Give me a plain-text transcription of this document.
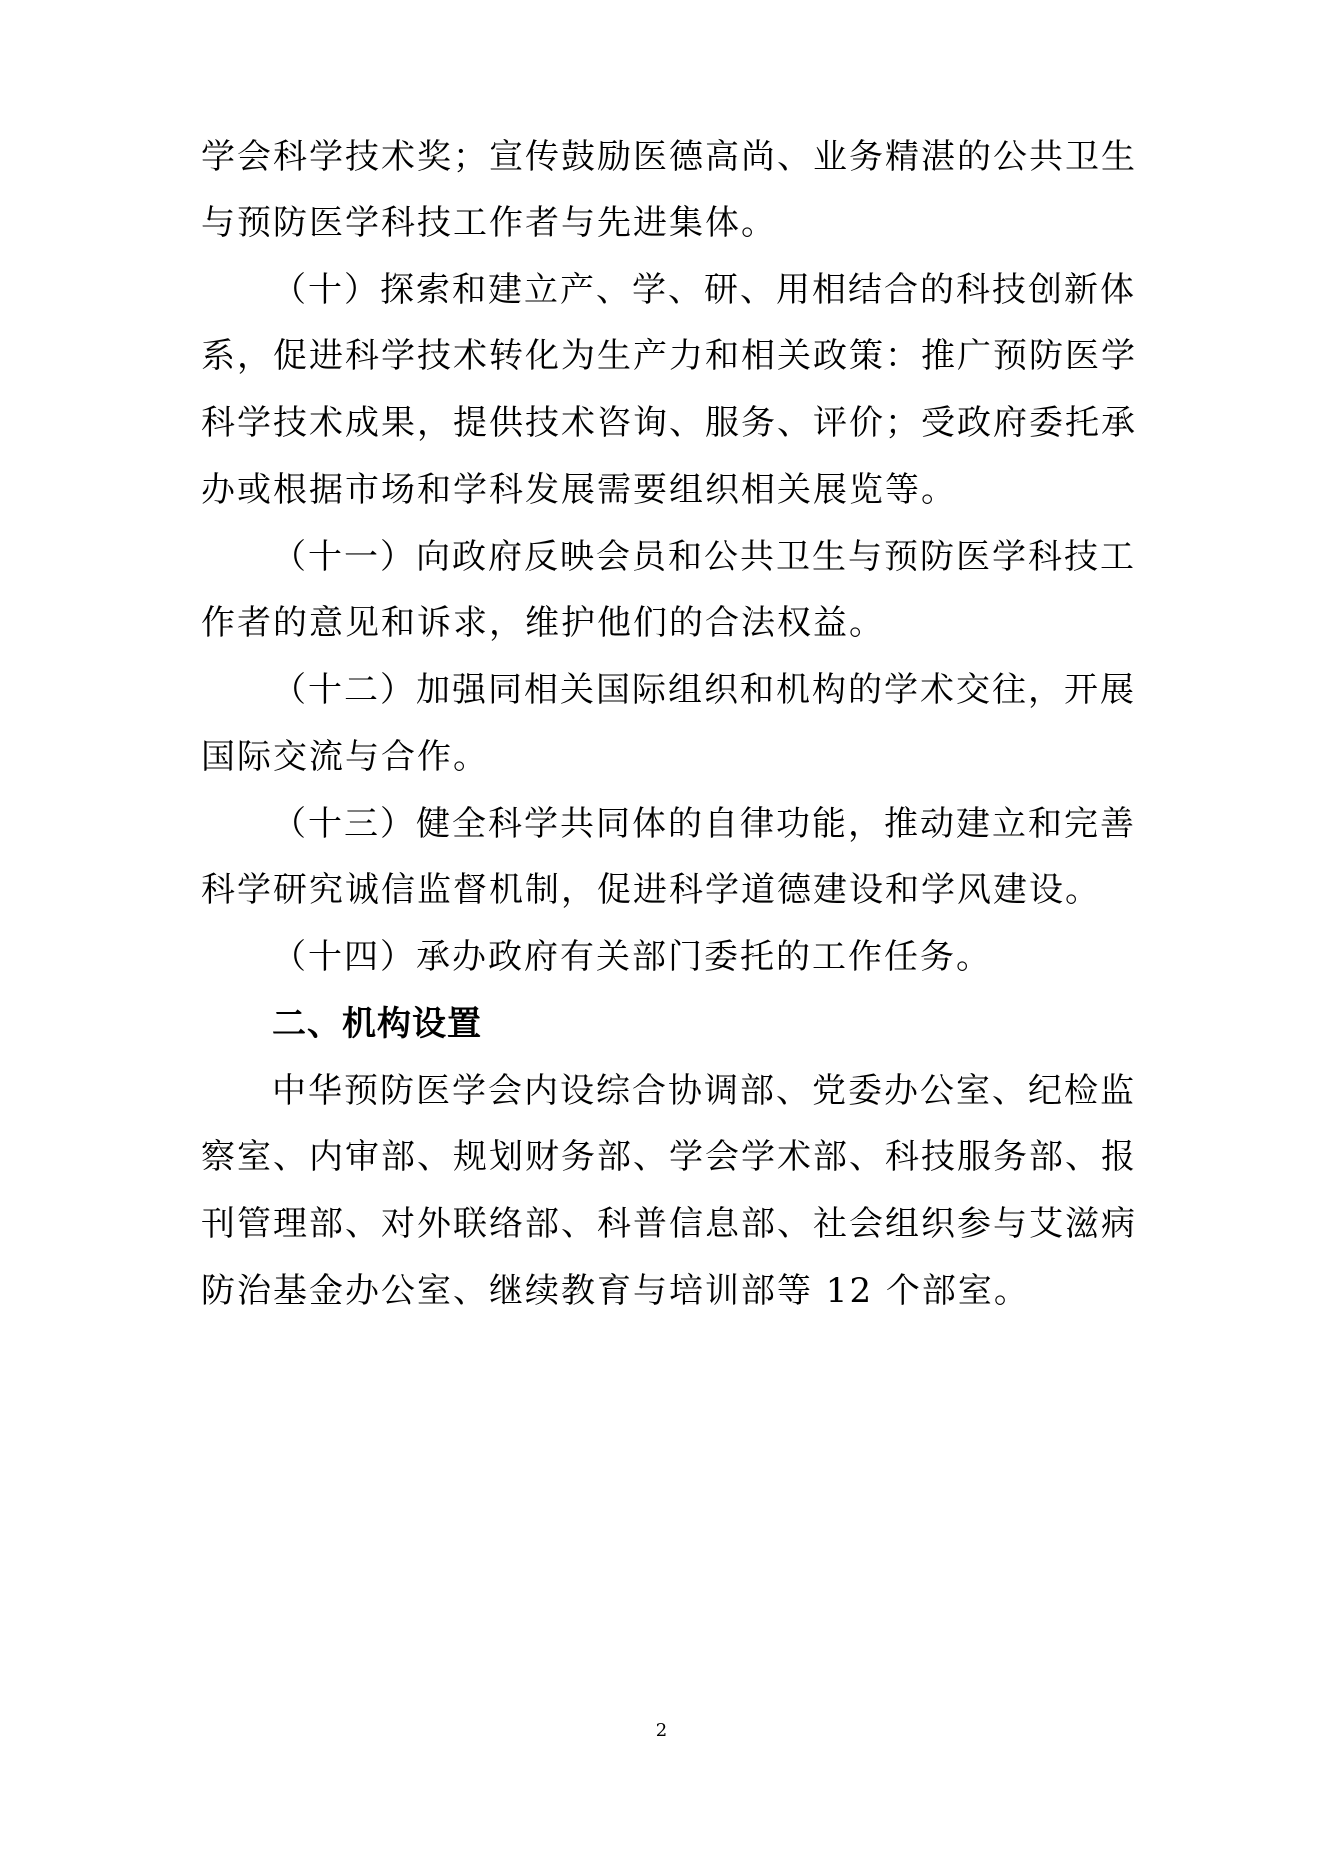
学会科学技术奖；宣传鼓励医德高尚、业务精湛的公共卫生
与预防医学科技工作者与先进集体。
（十）探索和建立产、学、研、用相结合的科技创新体
系，促进科学技术转化为生产力和相关政策：推广预防医学
科学技术成果，提供技术咨询、服务、评价；受政府委托承
办或根据市场和学科发展需要组织相关展览等。
（十一）向政府反映会员和公共卫生与预防医学科技工
作者的意见和诉求，维护他们的合法权益。
（十二）加强同相关国际组织和机构的学术交往，开展
国际交流与合作。
（十三）健全科学共同体的自律功能，推动建立和完善
科学研究诚信监督机制，促进科学道德建设和学风建设。
（十四）承办政府有关部门委托的工作任务。
二、机构设置
中华预防医学会内设综合协调部、党委办公室、纪检监
察室、内审部、规划财务部、学会学术部、科技服务部、报
刊管理部、对外联络部、科普信息部、社会组织参与艾滋病
防治基金办公室、继续教育与培训部等 12 个部室。
2
